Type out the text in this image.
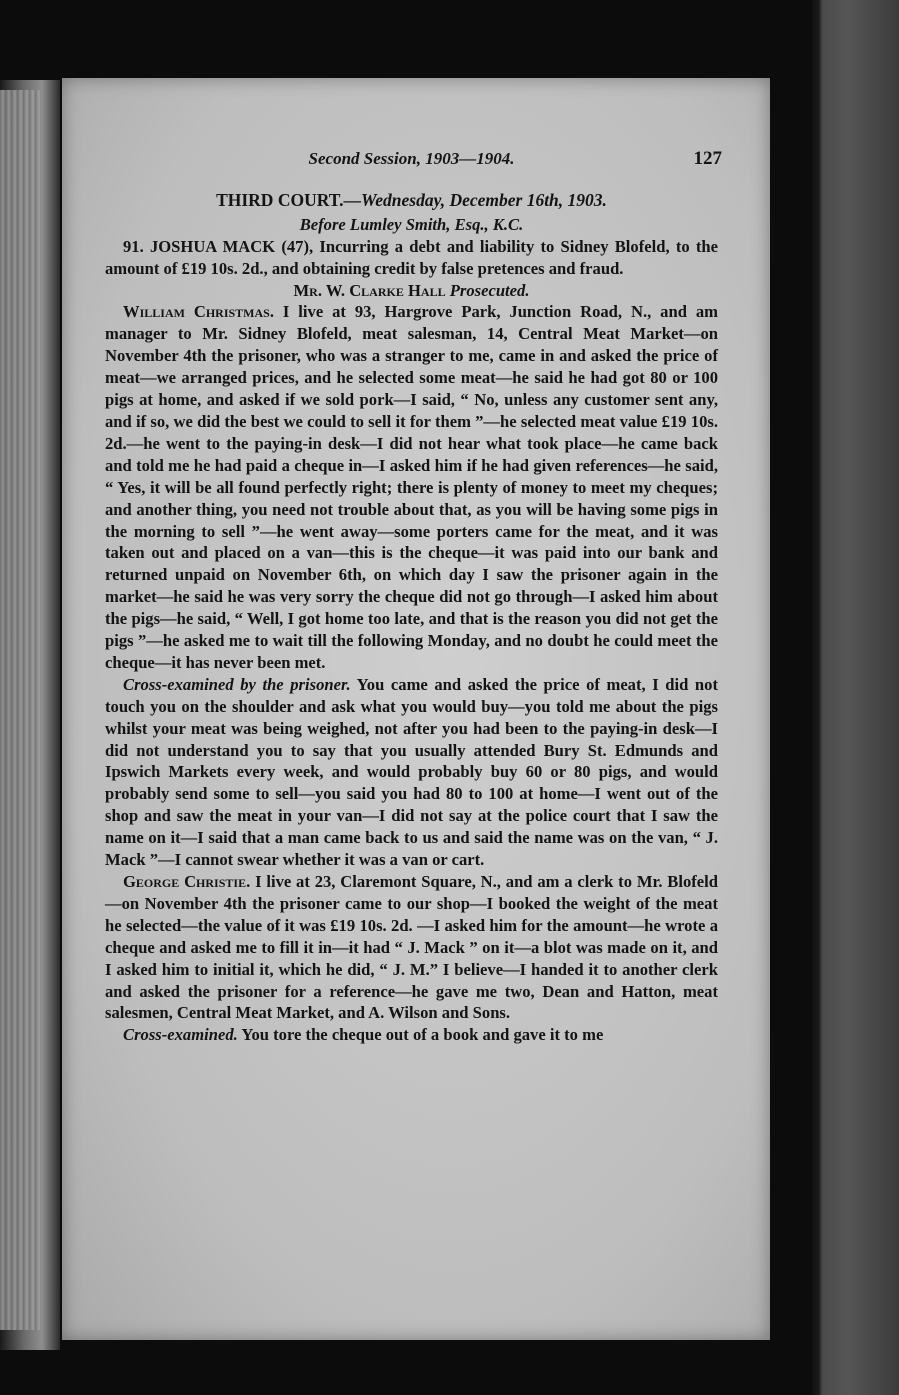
Second Session, 1903—1904.	127
THIRD COURT.—Wednesday, December 16th, 1903.
Before Lumley Smith, Esq., K.C.

91. JOSHUA MACK (47), Incurring a debt and liability to Sidney Blofeld, to the amount of £19 10s. 2d., and obtaining credit by false pretences and fraud.

Mr. W. Clarke Hall Prosecuted.

William Christmas. I live at 93, Hargrove Park, Junction Road, N., and am manager to Mr. Sidney Blofeld, meat salesman, 14, Central Meat Market—on November 4th the prisoner, who was a stranger to me, came in and asked the price of meat—we arranged prices, and he selected some meat—he said he had got 80 or 100 pigs at home, and asked if we sold pork—I said, “ No, unless any customer sent any, and if so, we did the best we could to sell it for them ”—he selected meat value £19 10s. 2d.—he went to the paying-in desk—I did not hear what took place—he came back and told me he had paid a cheque in—I asked him if he had given references—he said, “ Yes, it will be all found perfectly right; there is plenty of money to meet my cheques; and another thing, you need not trouble about that, as you will be having some pigs in the morning to sell ”—he went away—some porters came for the meat, and it was taken out and placed on a van—this is the cheque—it was paid into our bank and returned unpaid on November 6th, on which day I saw the prisoner again in the market—he said he was very sorry the cheque did not go through—I asked him about the pigs—he said, “ Well, I got home too late, and that is the reason you did not get the pigs ”—he asked me to wait till the following Monday, and no doubt he could meet the cheque—it has never been met.

Cross-examined by the prisoner. You came and asked the price of meat, I did not touch you on the shoulder and ask what you would buy—you told me about the pigs whilst your meat was being weighed, not after you had been to the paying-in desk—I did not understand you to say that you usually attended Bury St. Edmunds and Ipswich Markets every week, and would probably buy 60 or 80 pigs, and would probably send some to sell—you said you had 80 to 100 at home—I went out of the shop and saw the meat in your van—I did not say at the police court that I saw the name on it—I said that a man came back to us and said the name was on the van, “ J. Mack ”—I cannot swear whether it was a van or cart.

George Christie. I live at 23, Claremont Square, N., and am a clerk to Mr. Blofeld—on November 4th the prisoner came to our shop—I booked the weight of the meat he selected—the value of it was £19 10s. 2d. —I asked him for the amount—he wrote a cheque and asked me to fill it in—it had “ J. Mack ” on it—a blot was made on it, and I asked him to initial it, which he did, “ J. M.” I believe—I handed it to another clerk and asked the prisoner for a reference—he gave me two, Dean and Hatton, meat salesmen, Central Meat Market, and A. Wilson and Sons.

Cross-examined. You tore the cheque out of a book and gave it to me
